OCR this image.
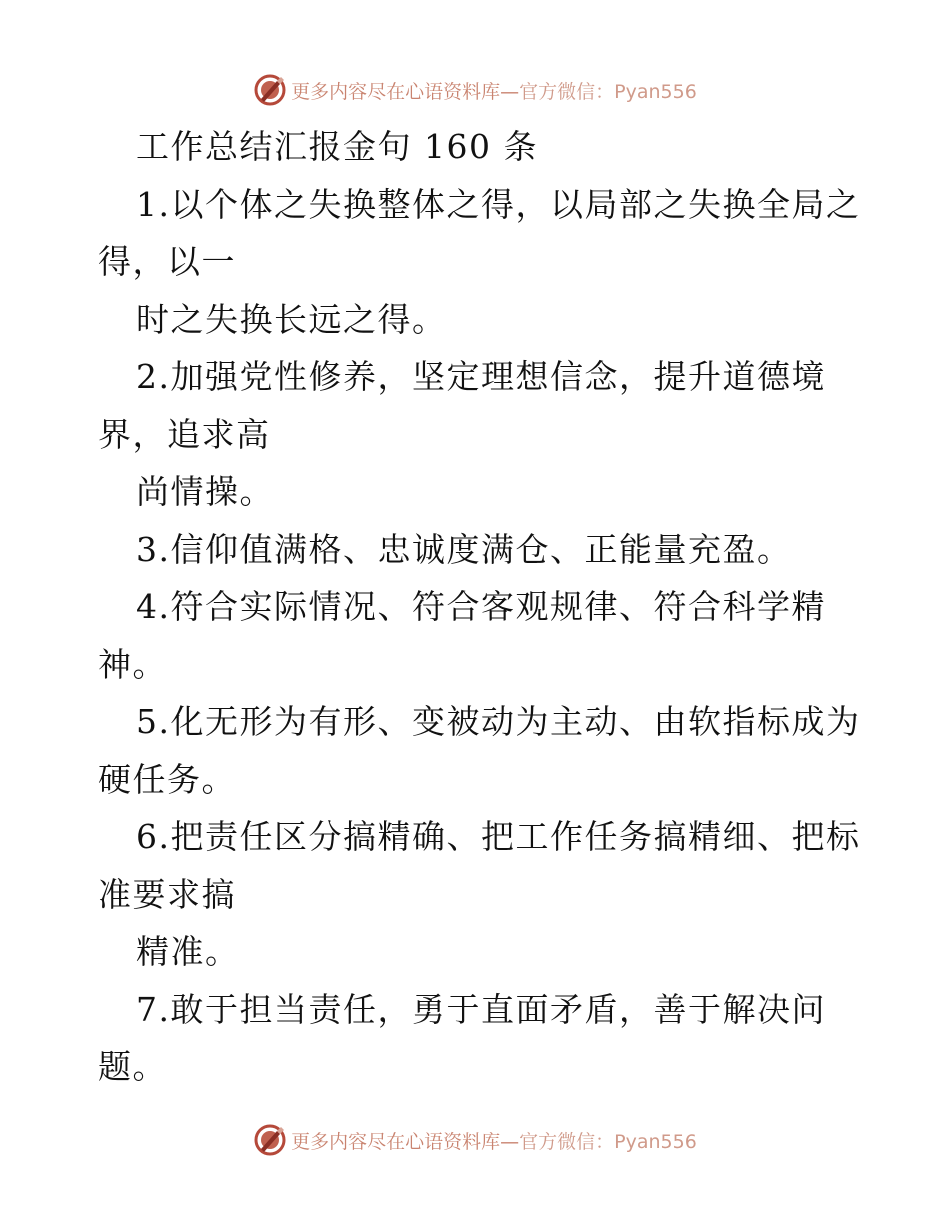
更多内容尽在心语资料库—官方微信：Pyan556
工作总结汇报金句 160 条
1.以个体之失换整体之得，以局部之失换全局之
得，以一
时之失换长远之得。
2.加强党性修养，坚定理想信念，提升道德境
界，追求高
尚情操。
3.信仰值满格、忠诚度满仓、正能量充盈。
4.符合实际情况、符合客观规律、符合科学精
神。
5.化无形为有形、变被动为主动、由软指标成为
硬任务。
6.把责任区分搞精确、把工作任务搞精细、把标
准要求搞
精准。
7.敢于担当责任，勇于直面矛盾，善于解决问
题。
更多内容尽在心语资料库—官方微信：Pyan556
